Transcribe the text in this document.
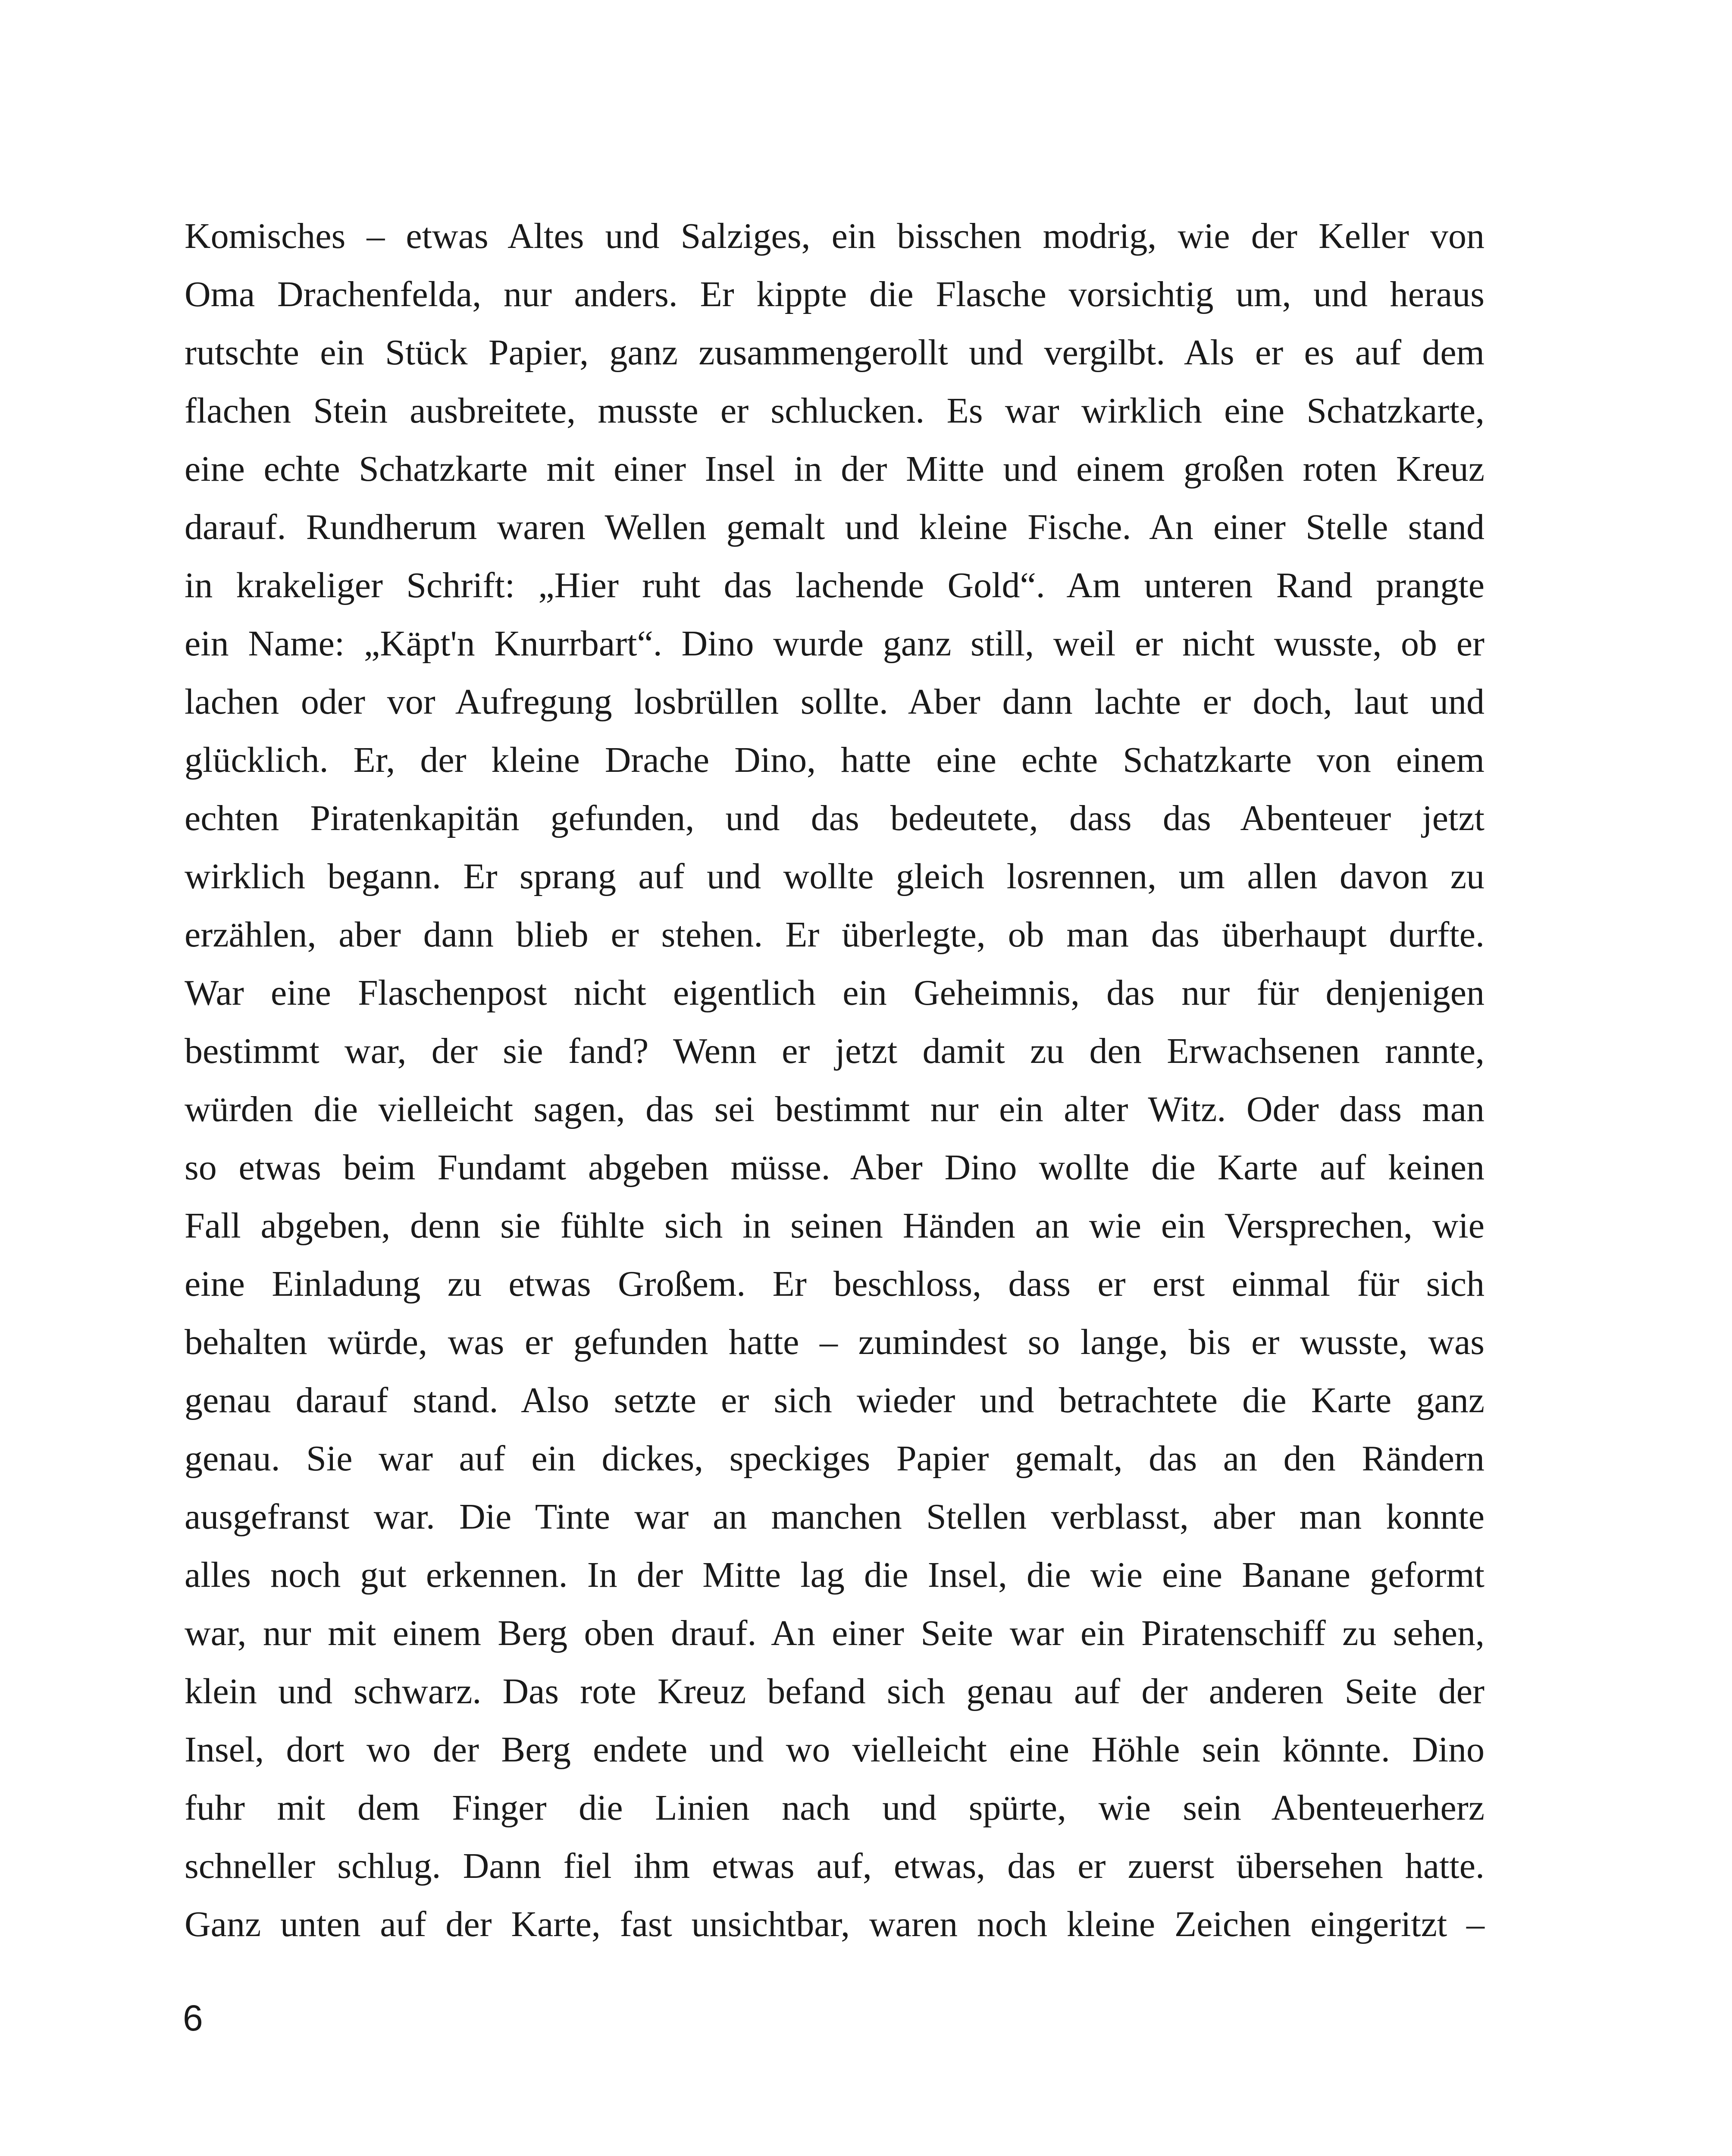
Komisches – etwas Altes und Salziges, ein bisschen modrig, wie der Keller von
Oma Drachenfelda, nur anders. Er kippte die Flasche vorsichtig um, und heraus
rutschte ein Stück Papier, ganz zusammengerollt und vergilbt. Als er es auf dem
flachen Stein ausbreitete, musste er schlucken. Es war wirklich eine Schatzkarte,
eine echte Schatzkarte mit einer Insel in der Mitte und einem großen roten Kreuz
darauf. Rundherum waren Wellen gemalt und kleine Fische. An einer Stelle stand
in krakeliger Schrift: „Hier ruht das lachende Gold“. Am unteren Rand prangte
ein Name: „Käpt'n Knurrbart“. Dino wurde ganz still, weil er nicht wusste, ob er
lachen oder vor Aufregung losbrüllen sollte. Aber dann lachte er doch, laut und
glücklich. Er, der kleine Drache Dino, hatte eine echte Schatzkarte von einem
echten Piratenkapitän gefunden, und das bedeutete, dass das Abenteuer jetzt
wirklich begann. Er sprang auf und wollte gleich losrennen, um allen davon zu
erzählen, aber dann blieb er stehen. Er überlegte, ob man das überhaupt durfte.
War eine Flaschenpost nicht eigentlich ein Geheimnis, das nur für denjenigen
bestimmt war, der sie fand? Wenn er jetzt damit zu den Erwachsenen rannte,
würden die vielleicht sagen, das sei bestimmt nur ein alter Witz. Oder dass man
so etwas beim Fundamt abgeben müsse. Aber Dino wollte die Karte auf keinen
Fall abgeben, denn sie fühlte sich in seinen Händen an wie ein Versprechen, wie
eine Einladung zu etwas Großem. Er beschloss, dass er erst einmal für sich
behalten würde, was er gefunden hatte – zumindest so lange, bis er wusste, was
genau darauf stand. Also setzte er sich wieder und betrachtete die Karte ganz
genau. Sie war auf ein dickes, speckiges Papier gemalt, das an den Rändern
ausgefranst war. Die Tinte war an manchen Stellen verblasst, aber man konnte
alles noch gut erkennen. In der Mitte lag die Insel, die wie eine Banane geformt
war, nur mit einem Berg oben drauf. An einer Seite war ein Piratenschiff zu sehen,
klein und schwarz. Das rote Kreuz befand sich genau auf der anderen Seite der
Insel, dort wo der Berg endete und wo vielleicht eine Höhle sein könnte. Dino
fuhr mit dem Finger die Linien nach und spürte, wie sein Abenteuerherz
schneller schlug. Dann fiel ihm etwas auf, etwas, das er zuerst übersehen hatte.
Ganz unten auf der Karte, fast unsichtbar, waren noch kleine Zeichen eingeritzt –
6
